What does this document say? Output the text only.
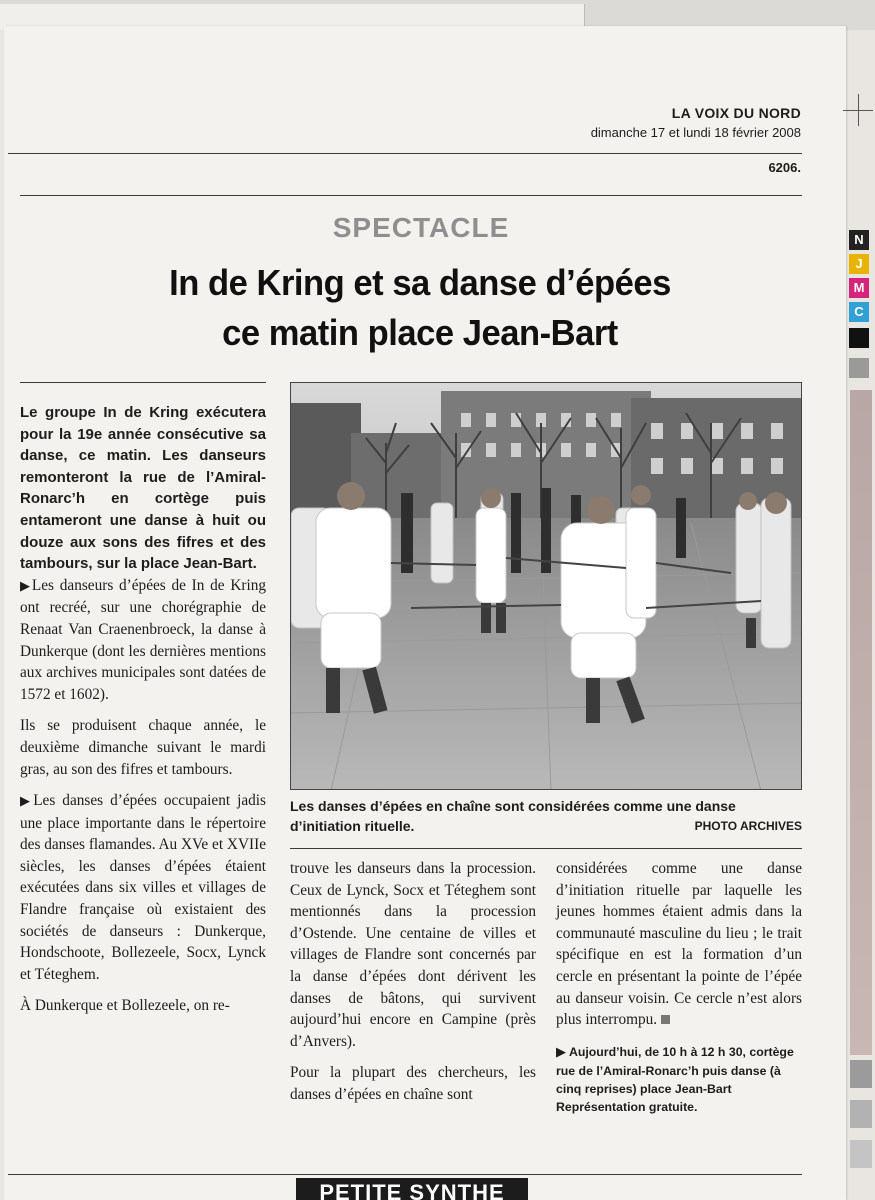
N
J
M
C
LA VOIX DU NORD
dimanche 17 et lundi 18 février 2008
6206.
SPECTACLE
In de Kring et sa danse d’épées
ce matin place Jean-Bart
Le groupe In de Kring exécutera pour la 19e année consécutive sa danse, ce matin. Les danseurs remonteront la rue de l’Amiral-Ronarc’h en cortège puis entameront une danse à huit ou douze aux sons des fifres et des tambours, sur la place Jean-Bart.

▶Les danseurs d’épées de In de Kring ont recréé, sur une chorégraphie de Renaat Van Craenenbroeck, la danse à Dunkerque (dont les dernières mentions aux archives municipales sont datées de 1572 et 1602).

Ils se produisent chaque année, le deuxième dimanche suivant le mardi gras, au son des fifres et tambours.

▶Les danses d’épées occupaient jadis une place importante dans le répertoire des danses flamandes. Au XVe et XVIIe siècles, les danses d’épées étaient exécutées dans six villes et villages de Flandre française où existaient des sociétés de danseurs : Dunkerque, Hondschoote, Bollezeele, Socx, Lynck et Téteghem.

À Dunkerque et Bollezeele, on re-

Les danses d’épées en chaîne sont considérées comme une danse d’initiation rituelle.	PHOTO ARCHIVES

trouve les danseurs dans la procession. Ceux de Lynck, Socx et Téteghem sont mentionnés dans la procession d’Ostende. Une centaine de villes et villages de Flandre sont concernés par la danse d’épées dont dérivent les danses de bâtons, qui survivent aujourd’hui encore en Campine (près d’Anvers).

Pour la plupart des chercheurs, les danses d’épées en chaîne sont

considérées comme une danse d’initiation rituelle par laquelle les jeunes hommes étaient admis dans la communauté masculine du lieu ; le trait spécifique en est la formation d’un cercle en présentant la pointe de l’épée au danseur voisin. Ce cercle n’est alors plus interrompu.

▶ Aujourd’hui, de 10 h à 12 h 30, cortège rue de l’Amiral-Ronarc’h puis danse (à cinq reprises) place Jean-Bart Représentation gratuite.
PETITE SYNTHE
